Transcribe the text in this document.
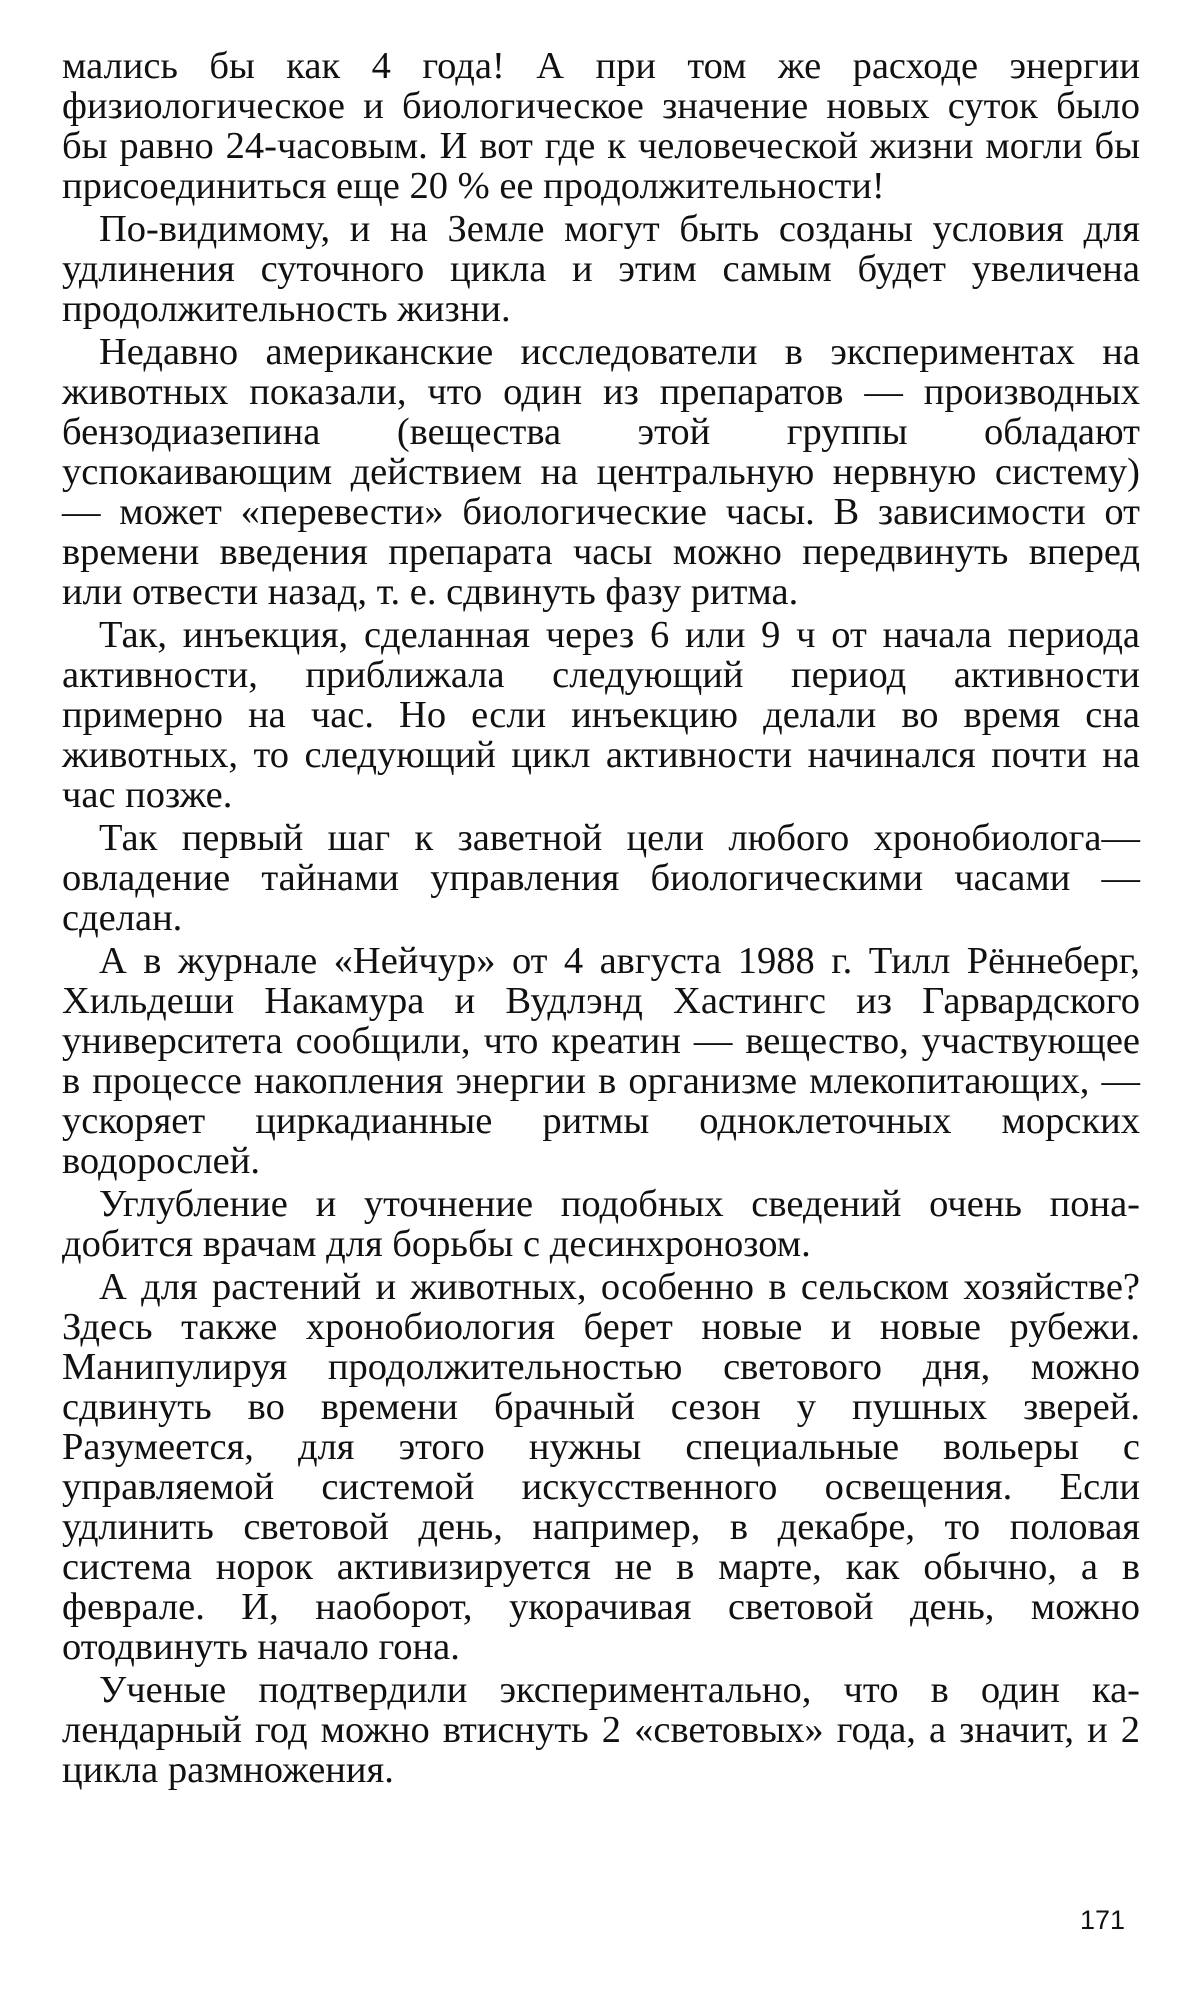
мались бы как 4 года! А при том же расходе энергии физиологическое и биологическое значение новых суток было бы равно 24-часовым. И вот где к человеческой жизни могли бы присоединиться еще 20 % ее продолжительности!

По-видимому, и на Земле могут быть созданы условия для удлинения суточного цикла и этим самым будет увеличена продолжительность жизни.

Недавно американские исследователи в экспериментах на животных показали, что один из препаратов — производных бензодиазепина (вещества этой группы обладают успокаивающим действием на центральную нервную систему) — может «перевести» биологические часы. В зависимости от времени введения препарата часы можно передвинуть вперед или отвести назад, т. е. сдвинуть фазу ритма.

Так, инъекция, сделанная через 6 или 9 ч от начала периода активности, приближала следующий период активности примерно на час. Но если инъекцию делали во время сна животных, то следующий цикл активности начинался почти на час позже.

Так первый шаг к заветной цели любого хронобиолога— овладение тайнами управления биологическими часами — сделан.

А в журнале «Нейчур» от 4 августа 1988 г. Тилл Рённеберг, Хильдеши Накамура и Вудлэнд Хастингс из Гарвардского университета сообщили, что креатин — вещество, участвующее в процессе накопления энергии в организме млекопитающих, — ускоряет циркадианные ритмы одноклеточных морских водорослей.

Углубление и уточнение подобных сведений очень понадобится врачам для борьбы с десинхронозом.

А для растений и животных, особенно в сельском хозяйстве? Здесь также хронобиология берет новые и новые рубежи. Манипулируя продолжительностью светового дня, можно сдвинуть во времени брачный сезон у пушных зверей. Разумеется, для этого нужны специальные вольеры с управляемой системой искусственного освещения. Если удлинить световой день, например, в декабре, то половая система норок активизируется не в марте, как обычно, а в феврале. И, наоборот, укорачивая световой день, можно отодвинуть начало гона.

Ученые подтвердили экспериментально, что в один календарный год можно втиснуть 2 «световых» года, а значит, и 2 цикла размножения.

171
